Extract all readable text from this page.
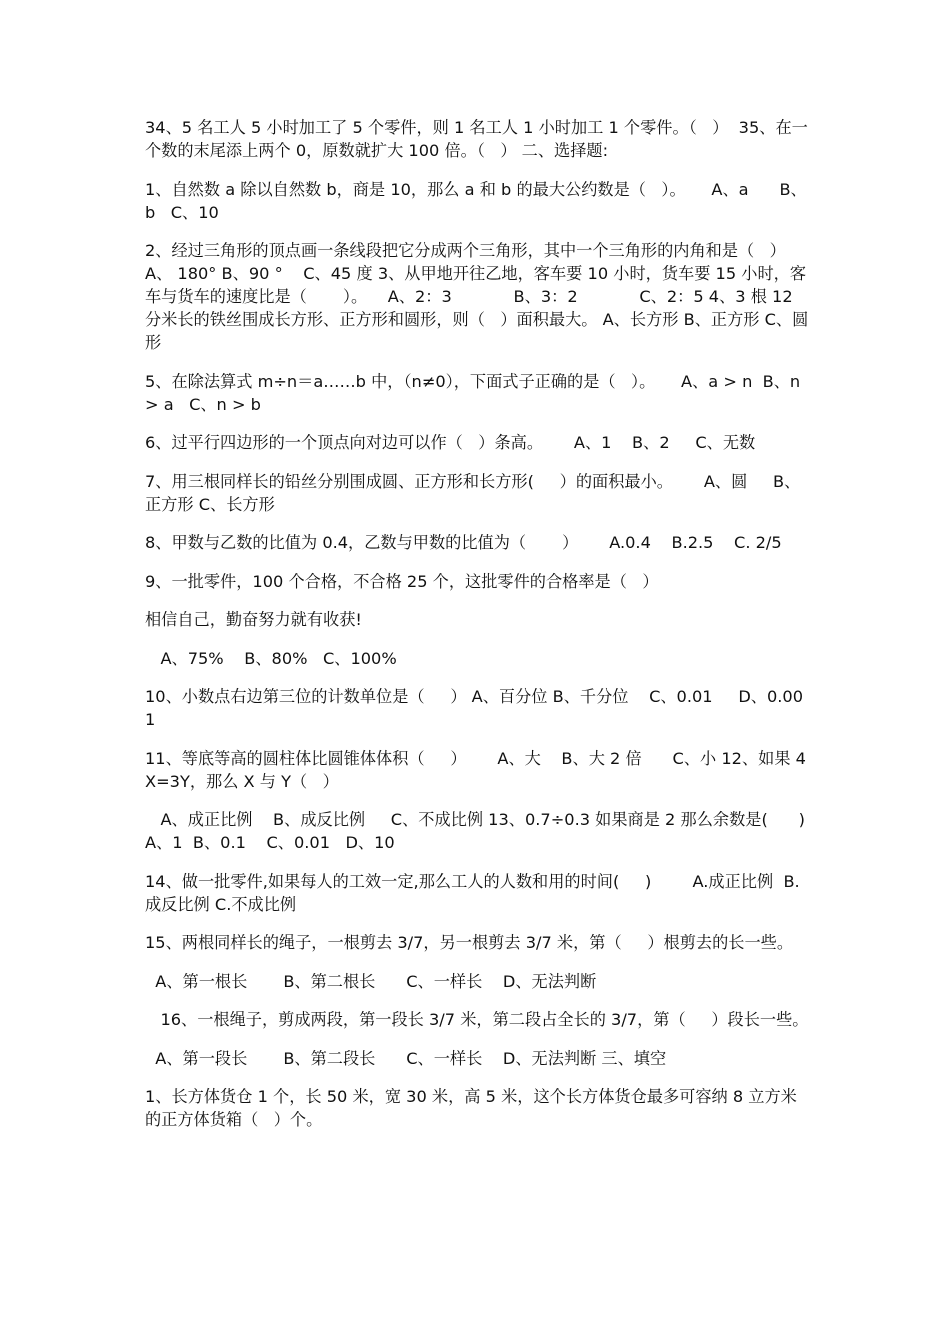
34、5 名工人 5 小时加工了 5 个零件，则 1 名工人 1 小时加工 1 个零件。（   ）  35、在一个数的末尾添上两个 0，原数就扩大 100 倍。（   ） 二、选择题:

1、自然数 a 除以自然数 b，商是 10，那么 a 和 b 的最大公约数是（   ）。     A、a      B、b   C、10

2、经过三角形的顶点画一条线段把它分成两个三角形，其中一个三角形的内角和是（   ）      A、 180° B、90 °    C、45 度 3、从甲地开往乙地，客车要 10 小时，货车要 15 小时，客车与货车的速度比是（       ）。    A、2：3            B、3：2            C、2：5 4、3 根 12 分米长的铁丝围成长方形、正方形和圆形，则（   ）面积最大。 A、长方形 B、正方形 C、圆形

5、在除法算式 m÷n＝a……b 中，（n≠0），下面式子正确的是（   ）。     A、a > n  B、n > a   C、n > b

6、过平行四边形的一个顶点向对边可以作（   ）条高。      A、1    B、2     C、无数

7、用三根同样长的铅丝分别围成圆、正方形和长方形(     ）的面积最小。      A、圆     B、正方形 C、长方形

8、甲数与乙数的比值为 0.4，乙数与甲数的比值为（       ）      A.0.4    B.2.5    C. 2/5

9、一批零件，100 个合格，不合格 25 个，这批零件的合格率是（   ）

相信自己，勤奋努力就有收获!

A、75%    B、80%   C、100%

10、小数点右边第三位的计数单位是（     ） A、百分位 B、千分位    C、0.01     D、0.001

11、等底等高的圆柱体比圆锥体体积（     ）      A、大    B、大 2 倍      C、小 12、如果 4X=3Y，那么 X 与 Y（   ）

A、成正比例    B、成反比例     C、不成比例 13、0.7÷0.3 如果商是 2 那么余数是(      )      A、1  B、0.1    C、0.01   D、10

14、做一批零件,如果每人的工效一定,那么工人的人数和用的时间(     )        A.成正比例  B.成反比例 C.不成比例

15、两根同样长的绳子，一根剪去 3/7，另一根剪去 3/7 米，第（     ）根剪去的长一些。

A、第一根长       B、第二根长      C、一样长    D、无法判断

16、一根绳子，剪成两段，第一段长 3/7 米，第二段占全长的 3/7，第（     ）段长一些。

A、第一段长       B、第二段长      C、一样长    D、无法判断 三、填空

1、长方体货仓 1 个，长 50 米，宽 30 米，高 5 米，这个长方体货仓最多可容纳 8 立方米的正方体货箱（   ）个。
